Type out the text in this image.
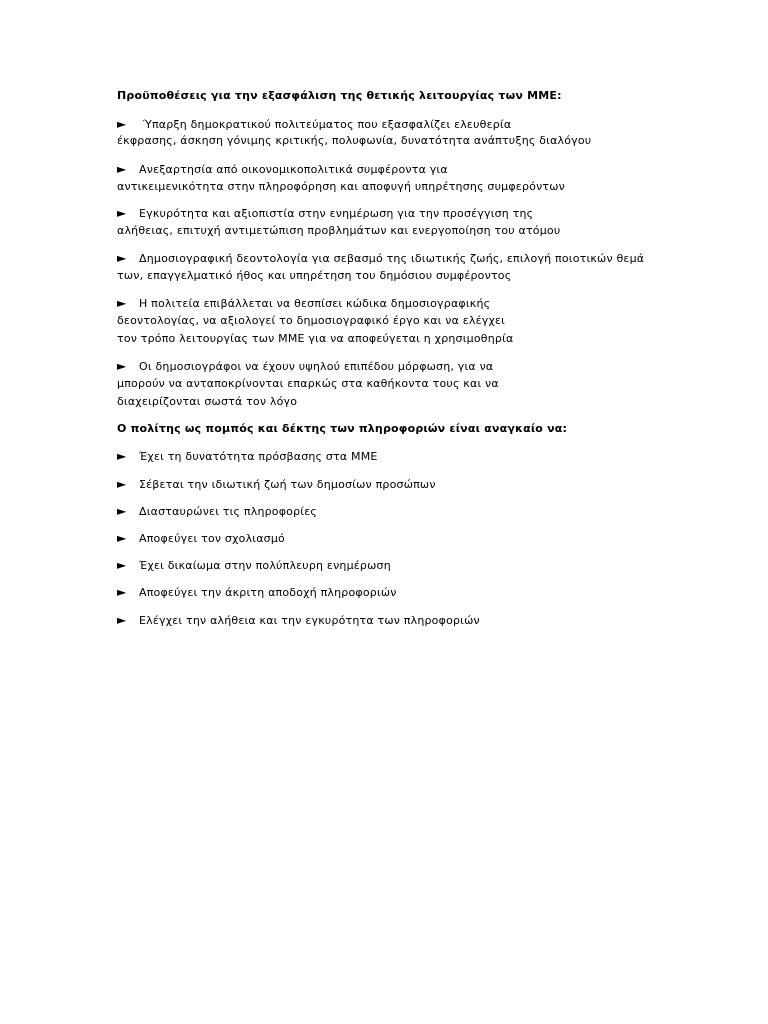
Προϋποθέσεις για την εξασφάλιση της θετικής λειτουργίας των ΜΜΕ:
► Ύπαρξη δημοκρατικού πολιτεύματος που εξασφαλίζει ελευθερία
έκφρασης, άσκηση γόνιμης κριτικής, πολυφωνία, δυνατότητα ανάπτυξης διαλόγου
► Ανεξαρτησία από οικονομικοπολιτικά συμφέροντα για
αντικειμενικότητα στην πληροφόρηση και αποφυγή υπηρέτησης συμφερόντων
► Εγκυρότητα και αξιοπιστία στην ενημέρωση για την προσέγγιση της
αλήθειας, επιτυχή αντιμετώπιση προβλημάτων και ενεργοποίηση του ατόμου
► Δημοσιογραφική δεοντολογία για σεβασμό της ιδιωτικής ζωής, επιλογή ποιοτικών θεμά
των, επαγγελματικό ήθος και υπηρέτηση του δημόσιου συμφέροντος
► Η πολιτεία επιβάλλεται να θεσπίσει κώδικα δημοσιογραφικής
δεοντολογίας, να αξιολογεί το δημοσιογραφικό έργο και να ελέγχει
τον τρόπο λειτουργίας των ΜΜΕ για να αποφεύγεται η χρησιμοθηρία
► Οι δημοσιογράφοι να έχουν υψηλού επιπέδου μόρφωση, για να
μπορούν να ανταποκρίνονται επαρκώς στα καθήκοντα τους και να
διαχειρίζονται σωστά τον λόγο
Ο πολίτης ως πομπός και δέκτης των πληροφοριών είναι αναγκαίο να:
► Έχει τη δυνατότητα πρόσβασης στα ΜΜΕ
► Σέβεται την ιδιωτική ζωή των δημοσίων προσώπων
► Διασταυρώνει τις πληροφορίες
► Αποφεύγει τον σχολιασμό
► Έχει δικαίωμα στην πολύπλευρη ενημέρωση
► Αποφεύγει την άκριτη αποδοχή πληροφοριών
► Ελέγχει την αλήθεια και την εγκυρότητα των πληροφοριών
